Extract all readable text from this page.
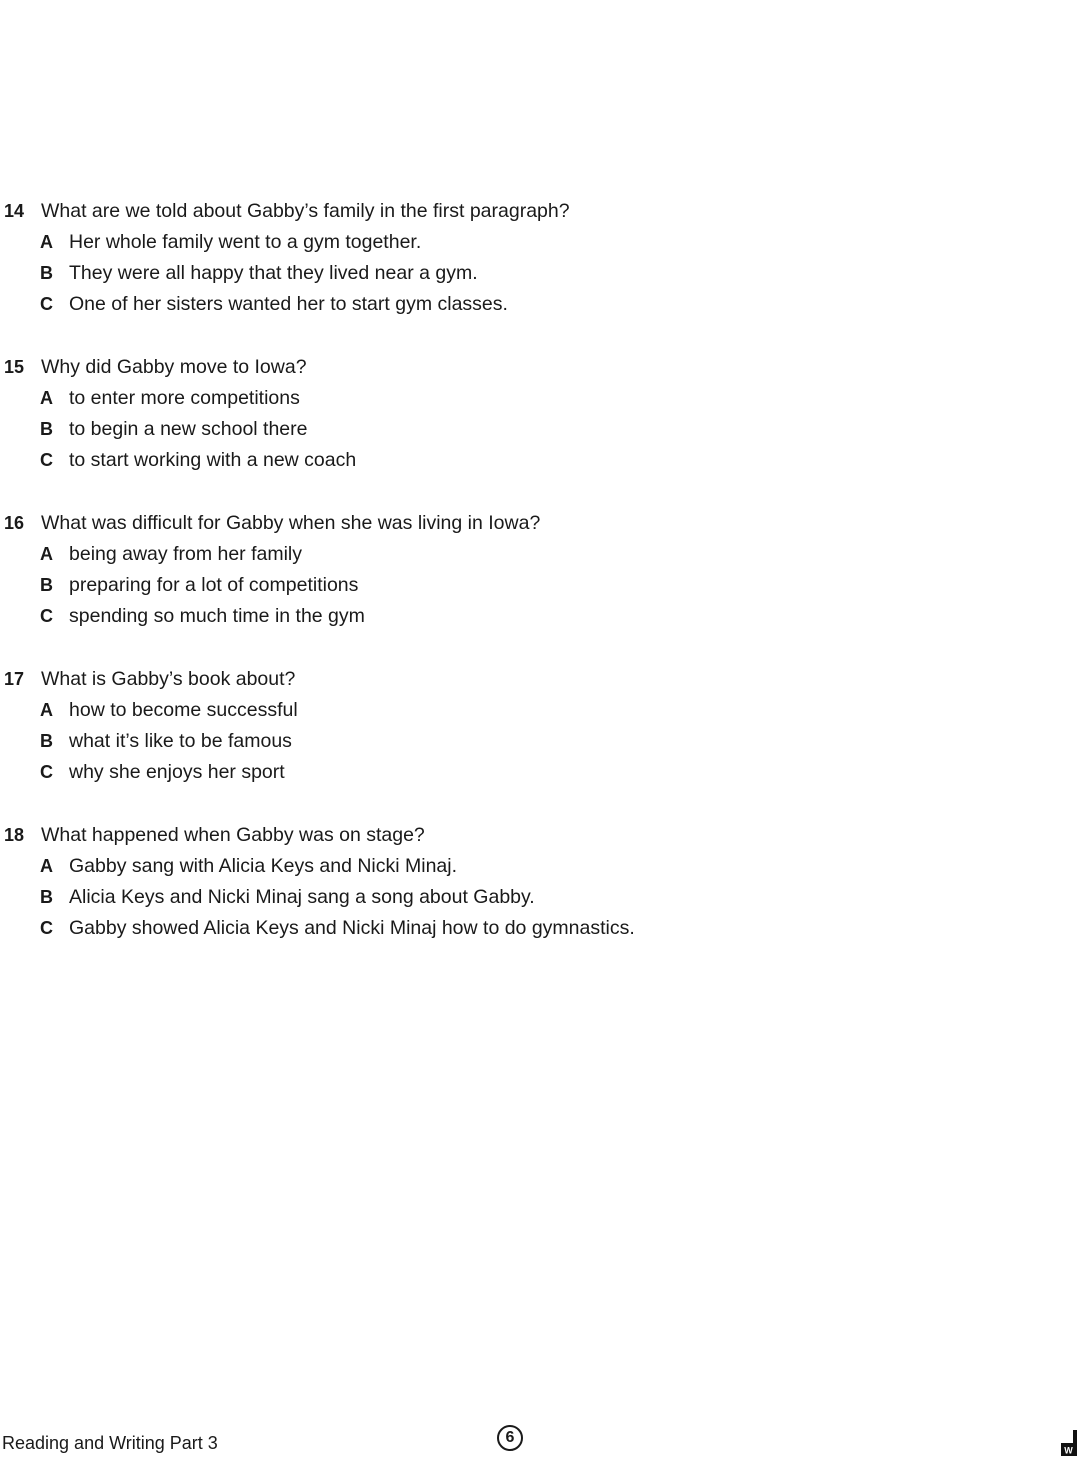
14 What are we told about Gabby’s family in the first paragraph?
A Her whole family went to a gym together.
B They were all happy that they lived near a gym.
C One of her sisters wanted her to start gym classes.
15 Why did Gabby move to Iowa?
A to enter more competitions
B to begin a new school there
C to start working with a new coach
16 What was difficult for Gabby when she was living in Iowa?
A being away from her family
B preparing for a lot of competitions
C spending so much time in the gym
17 What is Gabby’s book about?
A how to become successful
B what it’s like to be famous
C why she enjoys her sport
18 What happened when Gabby was on stage?
A Gabby sang with Alicia Keys and Nicki Minaj.
B Alicia Keys and Nicki Minaj sang a song about Gabby.
C Gabby showed Alicia Keys and Nicki Minaj how to do gymnastics.
Reading and Writing Part 3	6
W
